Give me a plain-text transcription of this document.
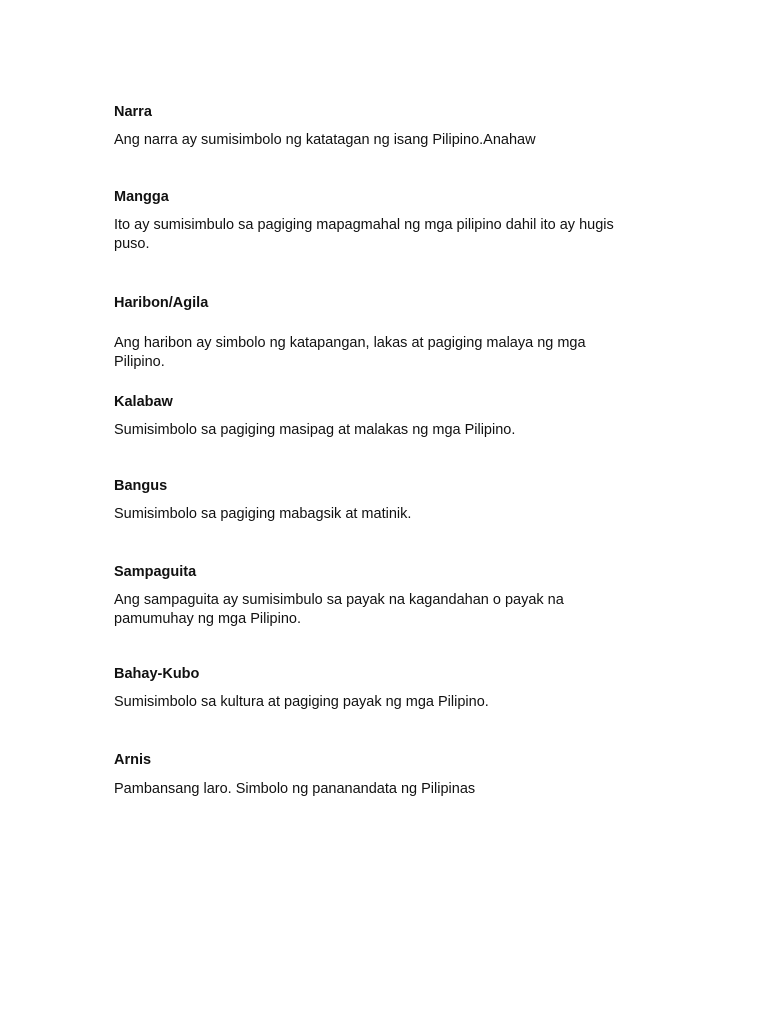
Narra
Ang narra ay sumisimbolo ng katatagan ng isang Pilipino.Anahaw
Mangga
Ito ay sumisimbulo sa pagiging mapagmahal ng mga pilipino dahil ito ay hugis puso.
Haribon/Agila
Ang haribon ay simbolo ng katapangan, lakas at pagiging malaya ng mga Pilipino.
Kalabaw
Sumisimbolo sa pagiging masipag at malakas ng mga Pilipino.
Bangus
Sumisimbolo sa pagiging mabagsik at matinik.
Sampaguita
Ang sampaguita ay sumisimbulo sa payak na kagandahan o payak na pamumuhay ng mga Pilipino.
Bahay-Kubo
Sumisimbolo sa kultura at pagiging payak ng mga Pilipino.
Arnis
Pambansang laro. Simbolo ng pananandata ng Pilipinas
